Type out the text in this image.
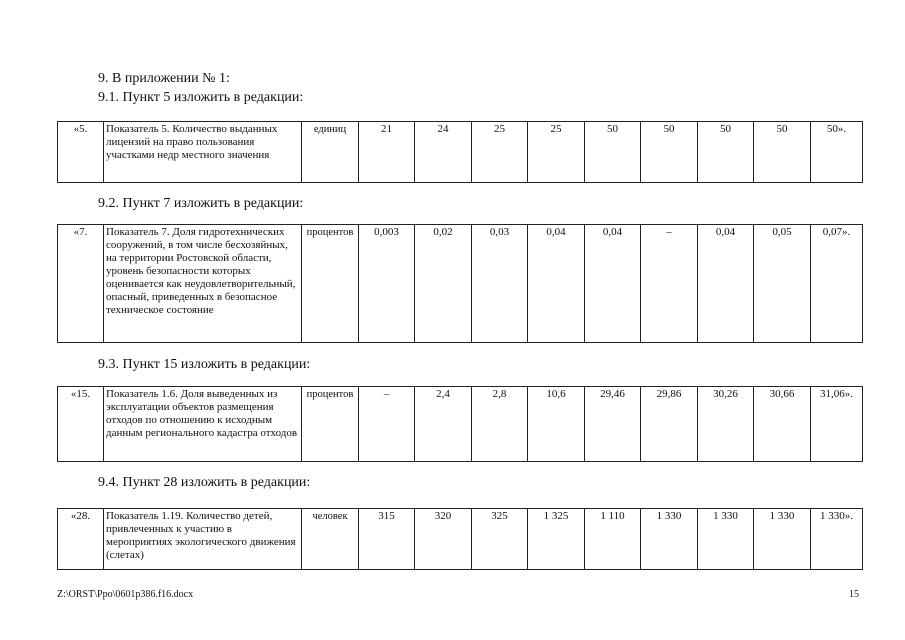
9. В приложении № 1:
9.1. Пункт 5 изложить в редакции:
«5.	Показатель 5. Количество выданных лицензий на право пользования участками недр местного значения	единиц	21	24	25	25	50	50	50	50	50».
9.2. Пункт 7 изложить в редакции:
«7.	Показатель 7. Доля гидротехнических сооружений, в том числе бесхозяйных, на территории Ростовской области, уровень безопасности которых оценивается как неудовлетворительный, опасный, приведенных в безопасное техническое состояние	процентов	0,003	0,02	0,03	0,04	0,04	–	0,04	0,05	0,07».
9.3. Пункт 15 изложить в редакции:
«15.	Показатель 1.6. Доля выведенных из эксплуатации объектов размещения отходов по отношению к исходным данным регионального кадастра отходов	процентов	–	2,4	2,8	10,6	29,46	29,86	30,26	30,66	31,06».
9.4. Пункт 28 изложить в редакции:
«28.	Показатель 1.19. Количество детей, привлеченных к участию в мероприятиях экологического движения (слетах)	человек	315	320	325	1 325	1 110	1 330	1 330	1 330	1 330».
Z:\ORST\Ppo\0601p386.f16.docx	15
